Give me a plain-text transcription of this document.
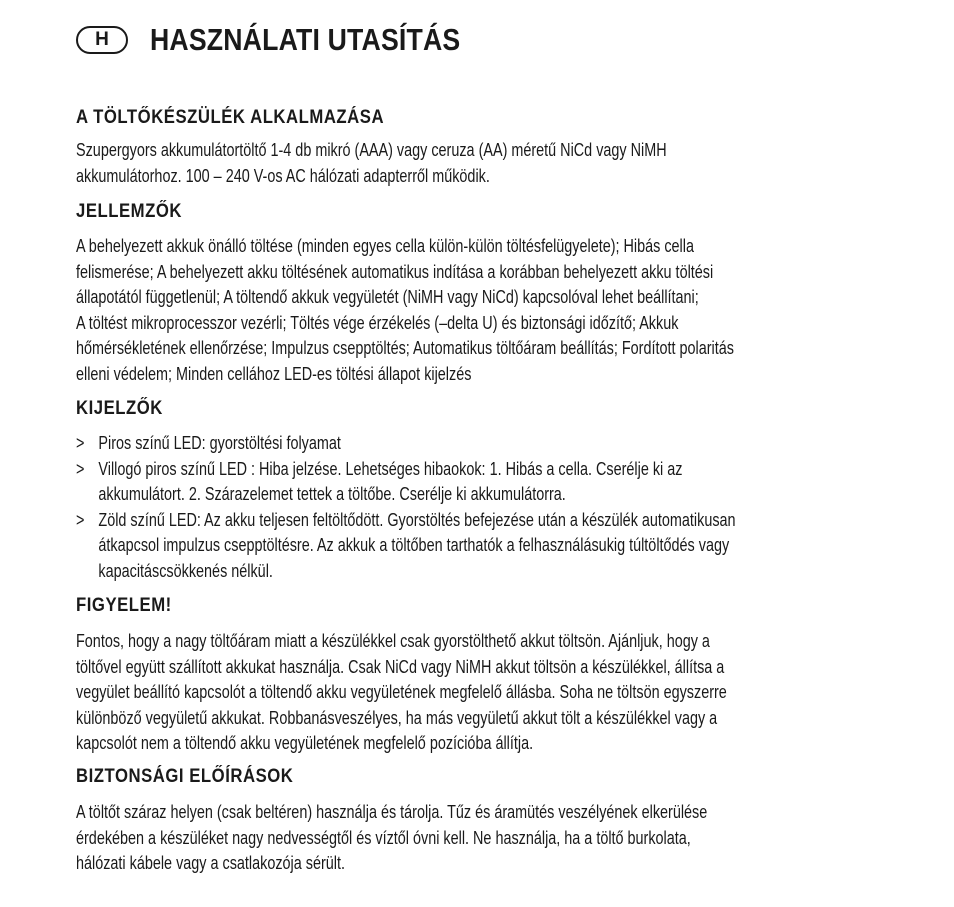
H	HASZNÁLATI UTASÍTÁS
A TÖLTŐKÉSZÜLÉK ALKALMAZÁSA
Szupergyors akkumulátortöltő 1-4 db mikró (AAA) vagy ceruza (AA) méretű NiCd vagy NiMH
akkumulátorhoz. 100 – 240 V-os AC hálózati adapterről működik.
JELLEMZŐK
A behelyezett akkuk önálló töltése (minden egyes cella külön-külön töltésfelügyelete); Hibás cella
felismerése; A behelyezett akku töltésének automatikus indítása a korábban behelyezett akku töltési
állapotától függetlenül; A töltendő akkuk vegyületét (NiMH vagy NiCd) kapcsolóval lehet beállítani;
A töltést mikroprocesszor vezérli; Töltés vége érzékelés (–delta U) és biztonsági időzítő; Akkuk
hőmérsékletének ellenőrzése; Impulzus csepptöltés; Automatikus töltőáram beállítás; Fordított polaritás
elleni védelem; Minden cellához LED-es töltési állapot kijelzés
KIJELZŐK
> Piros színű LED: gyorstöltési folyamat
> Villogó piros színű LED : Hiba jelzése. Lehetséges hibaokok: 1. Hibás a cella. Cserélje ki az
akkumulátort. 2. Szárazelemet tettek a töltőbe. Cserélje ki akkumulátorra.
> Zöld színű LED: Az akku teljesen feltöltődött. Gyorstöltés befejezése után a készülék automatikusan
átkapcsol impulzus csepptöltésre. Az akkuk a töltőben tarthatók a felhasználásukig túltöltődés vagy
kapacitáscsökkenés nélkül.
FIGYELEM!
Fontos, hogy a nagy töltőáram miatt a készülékkel csak gyorstölthető akkut töltsön. Ajánljuk, hogy a
töltővel együtt szállított akkukat használja. Csak NiCd vagy NiMH akkut töltsön a készülékkel, állítsa a
vegyület beállító kapcsolót a töltendő akku vegyületének megfelelő állásba. Soha ne töltsön egyszerre
különböző vegyületű akkukat. Robbanásveszélyes, ha más vegyületű akkut tölt a készülékkel vagy a
kapcsolót nem a töltendő akku vegyületének megfelelő pozícióba állítja.
BIZTONSÁGI ELŐÍRÁSOK
A töltőt száraz helyen (csak beltéren) használja és tárolja. Tűz és áramütés veszélyének elkerülése
érdekében a készüléket nagy nedvességtől és víztől óvni kell. Ne használja, ha a töltő burkolata,
hálózati kábele vagy a csatlakozója sérült.
